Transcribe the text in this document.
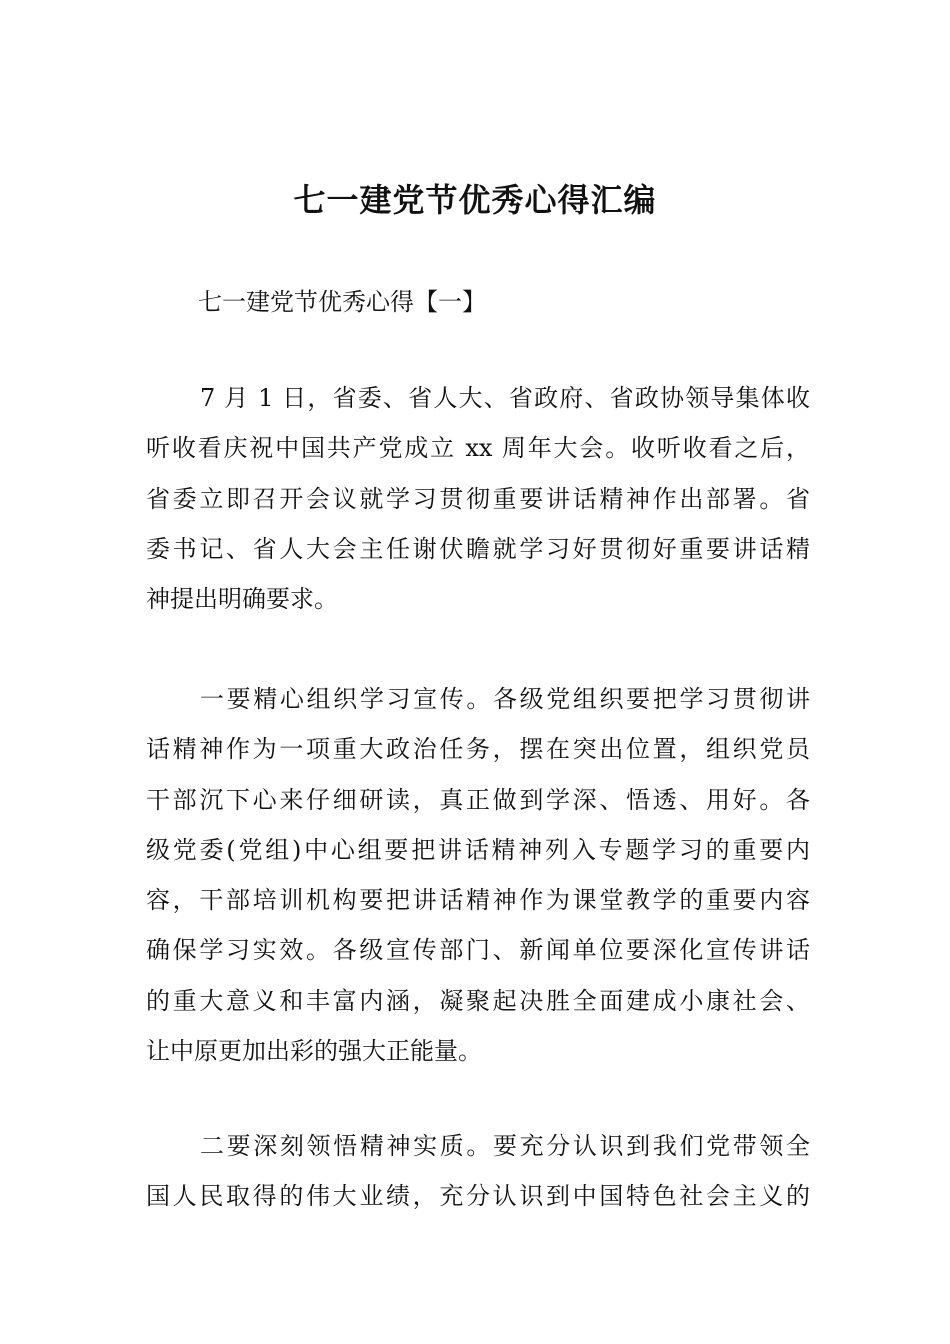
七一建党节优秀心得汇编

七一建党节优秀心得【一】

7 月 1 日，省委、省人大、省政府、省政协领导集体收
听收看庆祝中国共产党成立 xx 周年大会。收听收看之后，
省委立即召开会议就学习贯彻重要讲话精神作出部署。省
委书记、省人大会主任谢伏瞻就学习好贯彻好重要讲话精
神提出明确要求。
一要精心组织学习宣传。各级党组织要把学习贯彻讲
话精神作为一项重大政治任务，摆在突出位置，组织党员
干部沉下心来仔细研读，真正做到学深、悟透、用好。各
级党委(党组)中心组要把讲话精神列入专题学习的重要内
容，干部培训机构要把讲话精神作为课堂教学的重要内容
确保学习实效。各级宣传部门、新闻单位要深化宣传讲话
的重大意义和丰富内涵，凝聚起决胜全面建成小康社会、
让中原更加出彩的强大正能量。
二要深刻领悟精神实质。要充分认识到我们党带领全
国人民取得的伟大业绩，充分认识到中国特色社会主义的
